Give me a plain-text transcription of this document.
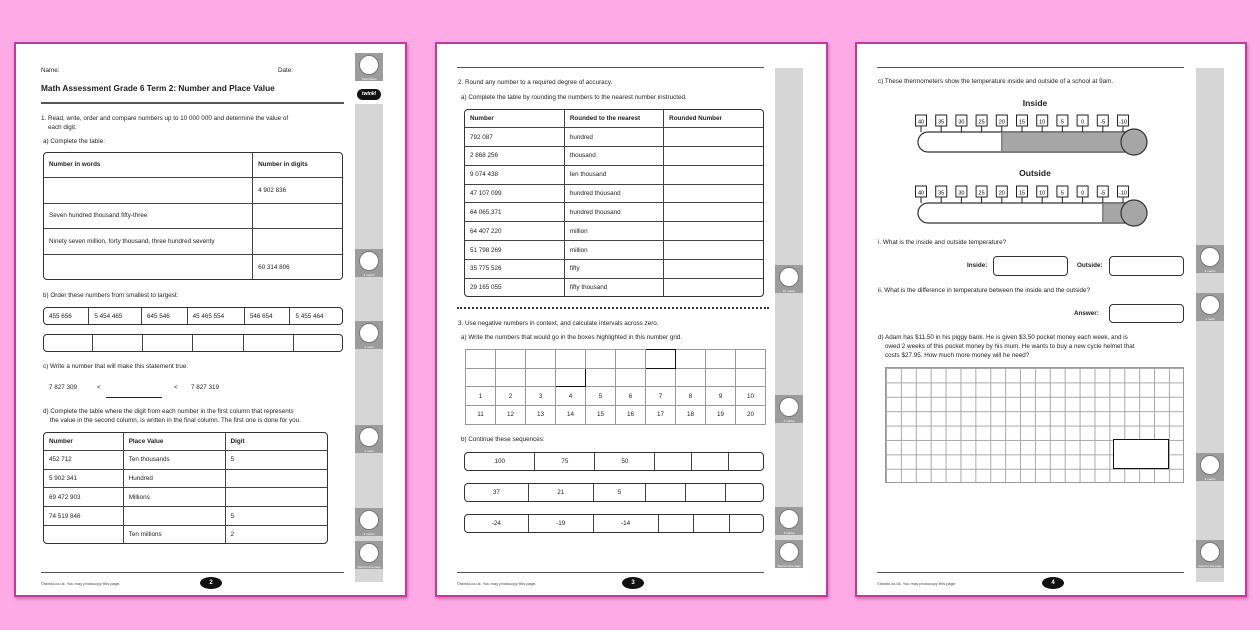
Name:	Date:
Math Assessment Grade 6 Term 2: Number and Place Value
1. Read, write, order and compare numbers up to 10 000 000 and determine the value of
each digit.
a) Complete the table:
Number in words	Number in digits
	4 902 836
Seven hundred thousand fifty-three	
Ninety seven million, forty thousand, three hundred seventy	
	60 314 806
b) Order these numbers from smallest to largest:
455 656	5 454 465	645 546	45 465 554	546 654	5 455 464

c) Write a number that will make this statement true:
7 827 309	<	< 7 827 319
d) Complete the table where the digit from each number in the first column that represents
the value in the second column, is written in the final column. The first one is done for you.
Number	Place Value	Digit
452 712	Ten thousands	5
5 902 341	Hundred	
69 472 903	Millions	
74 519 846		5
	Ten millions	2
©twinkl.co.uk. You may photocopy this page.	2
Total Marks
twinkl
4 marks
1 mark
1 mark
4 marks
Total for this page
2. Round any number to a required degree of accuracy.
a) Complete the table by rounding the numbers to the nearest number instructed.
Number	Rounded to the nearest	Rounded Number
792 087	hundred	
2 868 256	thousand	
9 074 438	ten thousand	
47 107 099	hundred thousand	
64 065,371	hundred thousand	
64 407 220	million	
51 798 269	million	
35 775 526	fifty	
29 165 055	fifty thousand	
3. Use negative numbers in context, and calculate intervals across zero.
a) Write the numbers that would go in the boxes highlighted in this number grid.

1	2	3	4	5	6	7	8	9	10
11	12	13	14	15	16	17	18	19	20
b) Continue these sequences:
100	75	50			
37	21	5			
-24	-19	-14			
©twinkl.co.uk. You may photocopy this page.	3
10 marks
2 marks
3 marks
Total for this page
c) These thermometers show the temperature inside and outside of a school at 9am.
Inside
40	35	30	25	20	15	10	5	0	-5	-10
Outside
40	35	30	25	20	15	10	5	0	-5	-10
i. What is the inside and outside temperature?
Inside:	Outside:
ii. What is the difference in temperature between the inside and the outside?
Answer:
d) Adam has $11.50 in his piggy bank. He is given $3.50 pocket money each week, and is
owed 2 weeks of this pocket money by his mum. He wants to buy a new cycle helmet that
costs $27.95. How much more money will he need?
©twinkl.co.uk. You may photocopy this page.	4
2 marks
1 mark
2 marks
Total for this page
